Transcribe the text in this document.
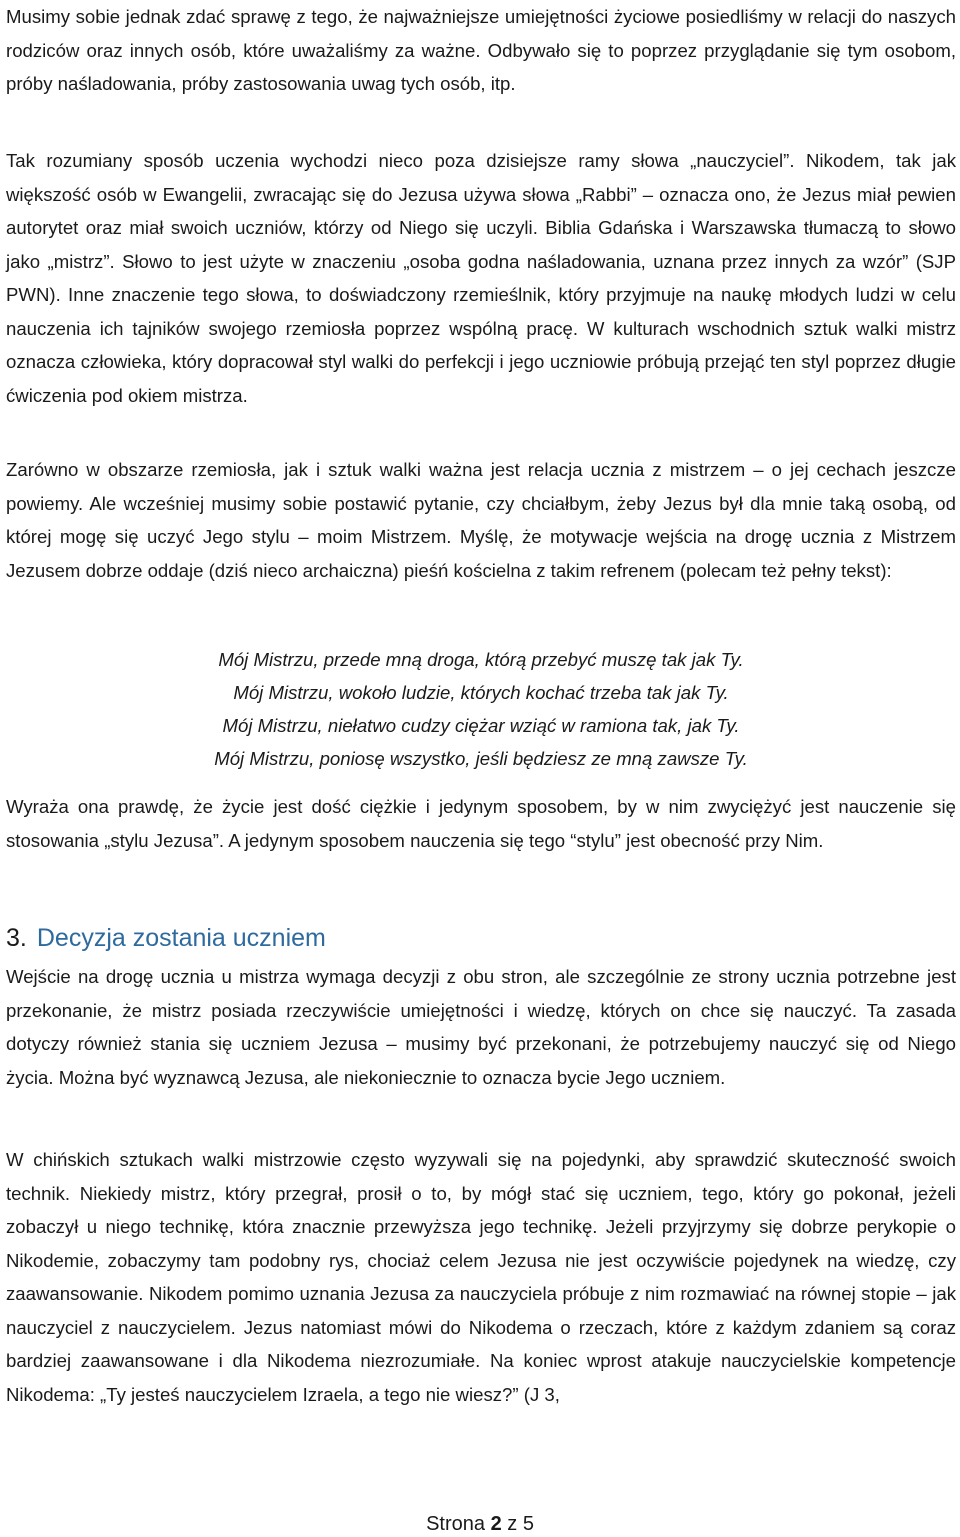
Musimy sobie jednak zdać sprawę z tego, że najważniejsze umiejętności życiowe posiedliśmy w relacji do naszych rodziców oraz innych osób, które uważaliśmy za ważne. Odbywało się to poprzez przyglądanie się tym osobom, próby naśladowania, próby zastosowania uwag tych osób, itp.

Tak rozumiany sposób uczenia wychodzi nieco poza dzisiejsze ramy słowa „nauczyciel”. Nikodem, tak jak większość osób w Ewangelii, zwracając się do Jezusa używa słowa „Rabbi” – oznacza ono, że Jezus miał pewien autorytet oraz miał swoich uczniów, którzy od Niego się uczyli. Biblia Gdańska i Warszawska tłumaczą to słowo jako „mistrz”. Słowo to jest użyte w znaczeniu „osoba godna naśladowania, uznana przez innych za wzór” (SJP PWN). Inne znaczenie tego słowa, to doświadczony rzemieślnik, który przyjmuje na naukę młodych ludzi w celu nauczenia ich tajników swojego rzemiosła poprzez wspólną pracę. W kulturach wschodnich sztuk walki mistrz oznacza człowieka, który dopracował styl walki do perfekcji i jego uczniowie próbują przejąć ten styl poprzez długie ćwiczenia pod okiem mistrza.

Zarówno w obszarze rzemiosła, jak i sztuk walki ważna jest relacja ucznia z mistrzem – o jej cechach jeszcze powiemy. Ale wcześniej musimy sobie postawić pytanie, czy chciałbym, żeby Jezus był dla mnie taką osobą, od której mogę się uczyć Jego stylu – moim Mistrzem. Myślę, że motywacje wejścia na drogę ucznia z Mistrzem Jezusem dobrze oddaje (dziś nieco archaiczna) pieśń kościelna z takim refrenem (polecam też pełny tekst):

Mój Mistrzu, przede mną droga, którą przebyć muszę tak jak Ty.
Mój Mistrzu, wokoło ludzie, których kochać trzeba tak jak Ty.
Mój Mistrzu, niełatwo cudzy ciężar wziąć w ramiona tak, jak Ty.
Mój Mistrzu, poniosę wszystko, jeśli będziesz ze mną zawsze Ty.

Wyraża ona prawdę, że życie jest dość ciężkie i jedynym sposobem, by w nim zwyciężyć jest nauczenie się stosowania „stylu Jezusa”. A jedynym sposobem nauczenia się tego “stylu” jest obecność przy Nim.

3. Decyzja zostania uczniem

Wejście na drogę ucznia u mistrza wymaga decyzji z obu stron, ale szczególnie ze strony ucznia potrzebne jest przekonanie, że mistrz posiada rzeczywiście umiejętności i wiedzę, których on chce się nauczyć. Ta zasada dotyczy również stania się uczniem Jezusa – musimy być przekonani, że potrzebujemy nauczyć się od Niego życia. Można być wyznawcą Jezusa, ale niekoniecznie to oznacza bycie Jego uczniem.

W chińskich sztukach walki mistrzowie często wyzywali się na pojedynki, aby sprawdzić skuteczność swoich technik. Niekiedy mistrz, który przegrał, prosił o to, by mógł stać się uczniem, tego, który go pokonał, jeżeli zobaczył u niego technikę, która znacznie przewyższa jego technikę. Jeżeli przyjrzymy się dobrze perykopie o Nikodemie, zobaczymy tam podobny rys, chociaż celem Jezusa nie jest oczywiście pojedynek na wiedzę, czy zaawansowanie. Nikodem pomimo uznania Jezusa za nauczyciela próbuje z nim rozmawiać na równej stopie – jak nauczyciel z nauczycielem. Jezus natomiast mówi do Nikodema o rzeczach, które z każdym zdaniem są coraz bardziej zaawansowane i dla Nikodema niezrozumiałe. Na koniec wprost atakuje nauczycielskie kompetencje Nikodema: „Ty jesteś nauczycielem Izraela, a tego nie wiesz?” (J 3,

Strona 2 z 5
